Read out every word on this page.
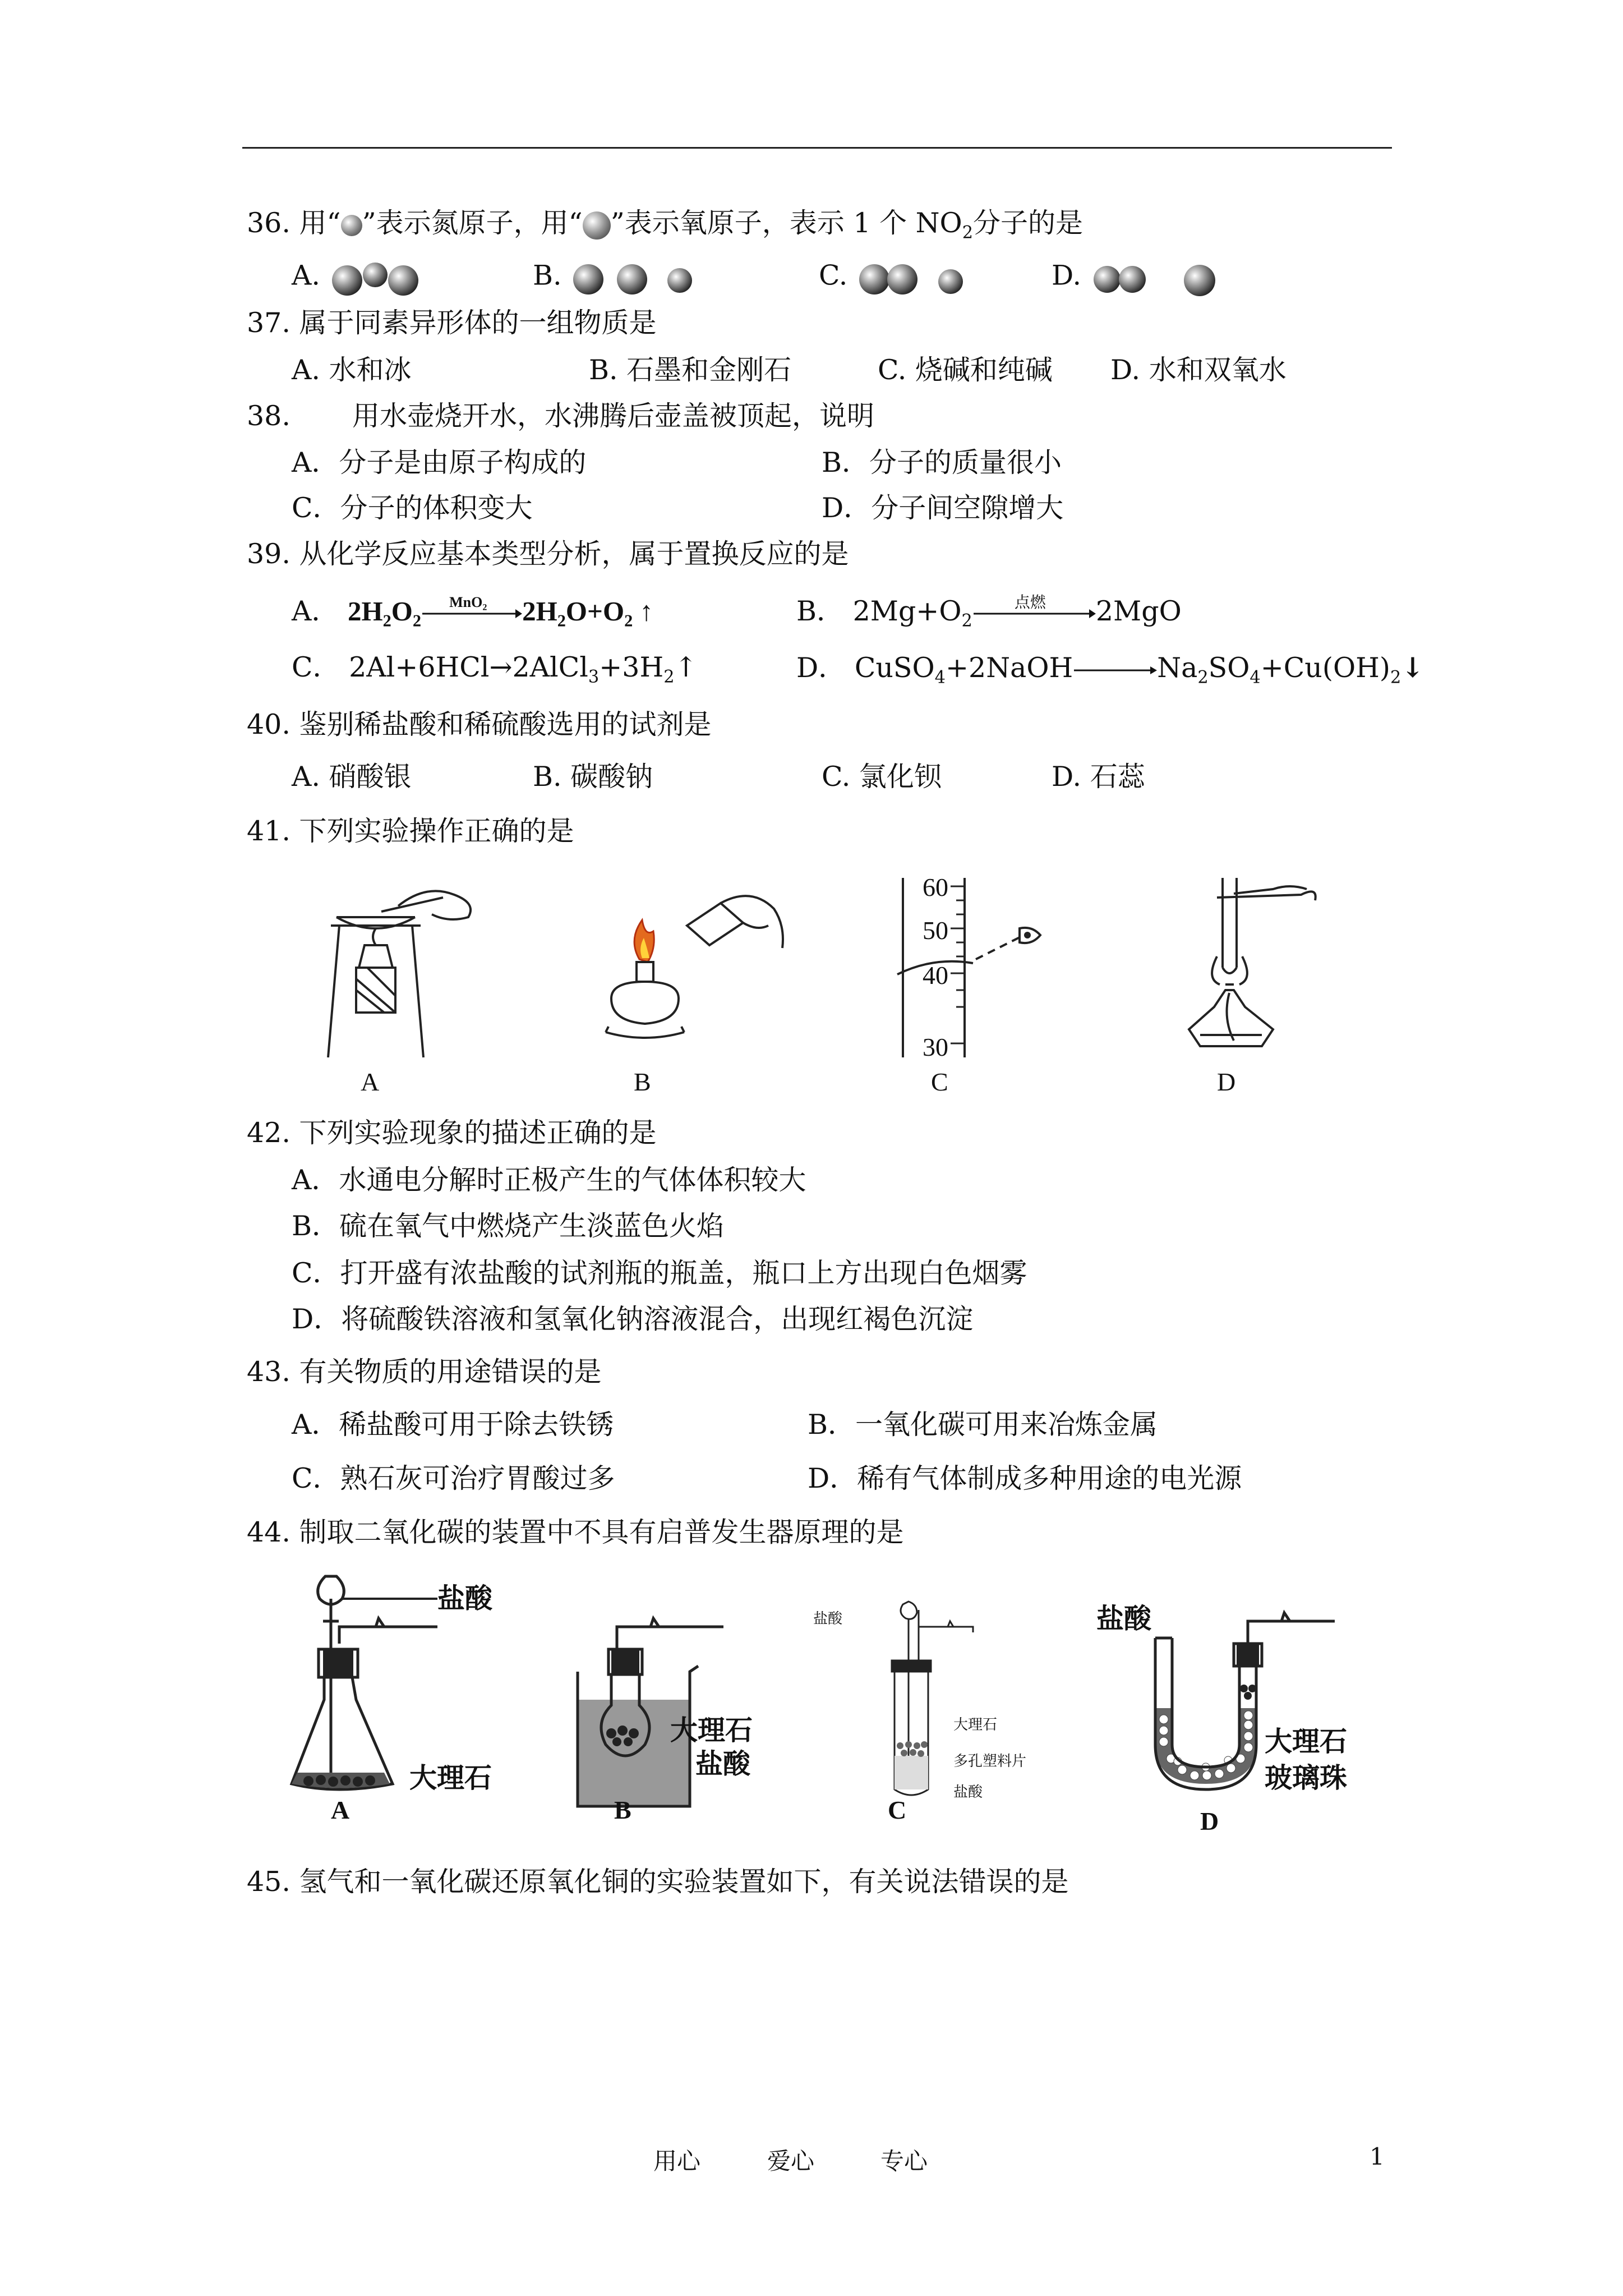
36. 用“ ”表示氮原子，用“ ”表示氧原子，表示 1 个 $NO_2$分子的是
A.	B.	C.	D.
37. 属于同素异形体的一组物质是
A. 水和冰	B. 石墨和金刚石	C. 烧碱和纯碱 D. 水和双氧水
38. 用水壶烧开水，水沸腾后壶盖被顶起，说明
A．分子是由原子构成的	B．分子的质量很小
C．分子的体积变大	D．分子间空隙增大
39. 从化学反应基本类型分析，属于置换反应的是
A． $2H_2O_2$
MnO$_2$ $2H_2O+O_2$ ↑	B． $2Mg+O_2$
点燃 2MgO
C． $2Al+6HCl\to 2AlCl_3+3H_2↑$	D． $CuSO_4+2NaOH\to Na_2SO_4+Cu(OH)_2↓$
40. 鉴别稀盐酸和稀硫酸选用的试剂是
A. 硝酸银	B. 碳酸钠	C. 氯化钡	D. 石蕊
41. 下列实验操作正确的是
A	B
60
50
40
30
C	D
42. 下列实验现象的描述正确的是
A．水通电分解时正极产生的气体体积较大
B．硫在氧气中燃烧产生淡蓝色火焰
C．打开盛有浓盐酸的试剂瓶的瓶盖，瓶口上方出现白色烟雾
D．将硫酸铁溶液和氢氧化钠溶液混合，出现红褐色沉淀
43. 有关物质的用途错误的是
A．稀盐酸可用于除去铁锈	B．一氧化碳可用来冶炼金属
C．熟石灰可治疗胃酸过多	D．稀有气体制成多种用途的电光源
44. 制取二氧化碳的装置中不具有启普发生器原理的是
盐酸
大理石
A
大理石
盐酸
B
盐酸
大理石
多孔塑料片
盐酸
C
盐酸
大理石
玻璃珠
D
45. 氢气和一氧化碳还原氧化铜的实验装置如下，有关说法错误的是
用心	爱心	专心	1
